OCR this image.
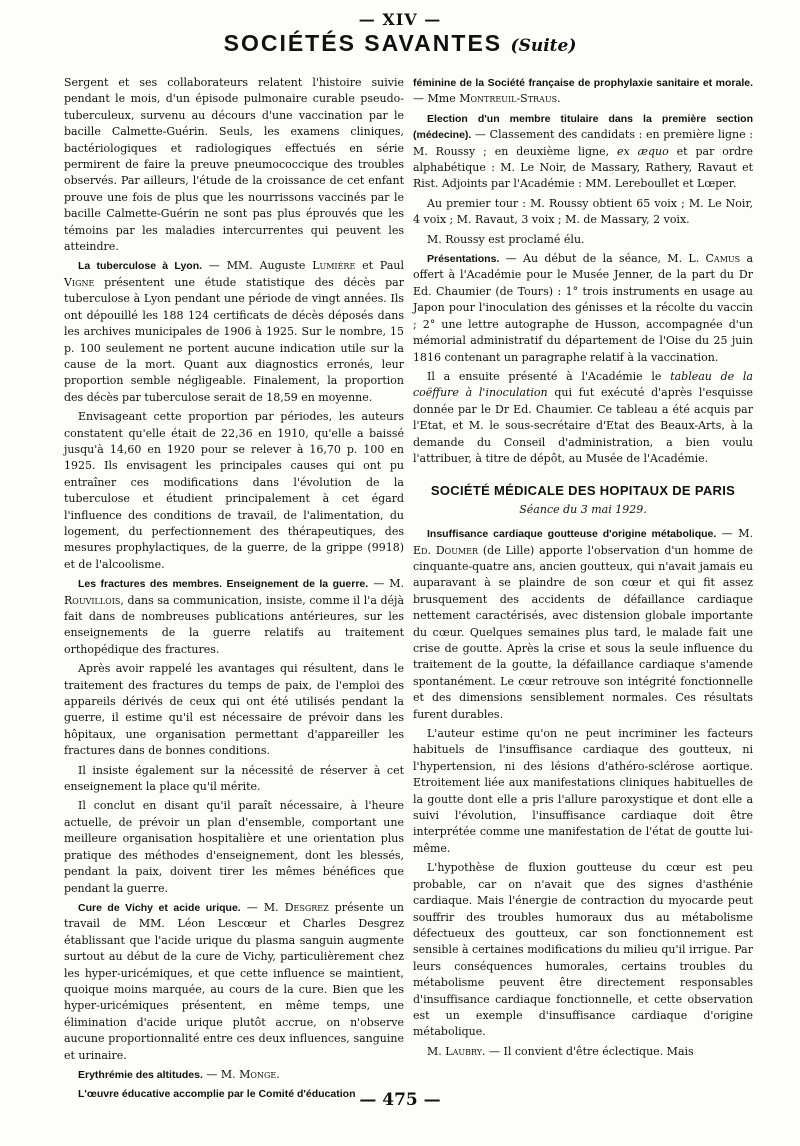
— XIV —
SOCIÉTÉS SAVANTES (Suite)

Sergent et ses collaborateurs relatent l'histoire suivie pendant le mois, d'un épisode pulmonaire curable pseudo-tuberculeux, survenu au décours d'une vaccination par le bacille Calmette-Guérin. Seuls, les examens cliniques, bactériologiques et radiologiques effectués en série permirent de faire la preuve pneumococcique des troubles observés. Par ailleurs, l'étude de la croissance de cet enfant prouve une fois de plus que les nourrissons vaccinés par le bacille Calmette-Guérin ne sont pas plus éprouvés que les témoins par les maladies intercurrentes qui peuvent les atteindre.

La tuberculose à Lyon. — MM. Auguste Lumière et Paul Vigne présentent une étude statistique des décès par tuberculose à Lyon pendant une période de vingt années. Ils ont dépouillé les 188 124 certificats de décès déposés dans les archives municipales de 1906 à 1925. Sur le nombre, 15 p. 100 seulement ne portent aucune indication utile sur la cause de la mort. Quant aux diagnostics erronés, leur proportion semble négligeable. Finalement, la proportion des décès par tuberculose serait de 18,59 en moyenne.

Envisageant cette proportion par périodes, les auteurs constatent qu'elle était de 22,36 en 1910, qu'elle a baissé jusqu'à 14,60 en 1920 pour se relever à 16,70 p. 100 en 1925. Ils envisagent les principales causes qui ont pu entraîner ces modifications dans l'évolution de la tuberculose et étudient principalement à cet égard l'influence des conditions de travail, de l'alimentation, du logement, du perfectionnement des thérapeutiques, des mesures prophylactiques, de la guerre, de la grippe (9918) et de l'alcoolisme.

Les fractures des membres. Enseignement de la guerre. — M. Rouvillois, dans sa communication, insiste, comme il l'a déjà fait dans de nombreuses publications antérieures, sur les enseignements de la guerre relatifs au traitement orthopédique des fractures.

Après avoir rappelé les avantages qui résultent, dans le traitement des fractures du temps de paix, de l'emploi des appareils dérivés de ceux qui ont été utilisés pendant la guerre, il estime qu'il est nécessaire de prévoir dans les hôpitaux, une organisation permettant d'appareiller les fractures dans de bonnes conditions.

Il insiste également sur la nécessité de réserver à cet enseignement la place qu'il mérite.

Il conclut en disant qu'il paraît nécessaire, à l'heure actuelle, de prévoir un plan d'ensemble, comportant une meilleure organisation hospitalière et une orientation plus pratique des méthodes d'enseignement, dont les blessés, pendant la paix, doivent tirer les mêmes bénéfices que pendant la guerre.

Cure de Vichy et acide urique. — M. Desgrez présente un travail de MM. Léon Lescœur et Charles Desgrez établissant que l'acide urique du plasma sanguin augmente surtout au début de la cure de Vichy, particulièrement chez les hyper-uricémiques, et que cette influence se maintient, quoique moins marquée, au cours de la cure. Bien que les hyper-uricémiques présentent, en même temps, une élimination d'acide urique plutôt accrue, on n'observe aucune proportionnalité entre ces deux influences, sanguine et urinaire.

Erythrémie des altitudes. — M. Monge.

L'œuvre éducative accomplie par le Comité d'éducation

féminine de la Société française de prophylaxie sanitaire et morale. — Mme Montreuil-Straus.

Election d'un membre titulaire dans la première section (médecine). — Classement des candidats : en première ligne : M. Roussy ; en deuxième ligne, ex æquo et par ordre alphabétique : M. Le Noir, de Massary, Rathery, Ravaut et Rist. Adjoints par l'Académie : MM. Lereboullet et Lœper.

Au premier tour : M. Roussy obtient 65 voix ; M. Le Noir, 4 voix ; M. Ravaut, 3 voix ; M. de Massary, 2 voix.

M. Roussy est proclamé élu.

Présentations. — Au début de la séance, M. L. Camus a offert à l'Académie pour le Musée Jenner, de la part du Dr Ed. Chaumier (de Tours) : 1° trois instruments en usage au Japon pour l'inoculation des génisses et la récolte du vaccin ; 2° une lettre autographe de Husson, accompagnée d'un mémorial administratif du département de l'Oise du 25 juin 1816 contenant un paragraphe relatif à la vaccination.

Il a ensuite présenté à l'Académie le tableau de la coëffure à l'inoculation qui fut exécuté d'après l'esquisse donnée par le Dr Ed. Chaumier. Ce tableau a été acquis par l'Etat, et M. le sous-secrétaire d'Etat des Beaux-Arts, à la demande du Conseil d'administration, a bien voulu l'attribuer, à titre de dépôt, au Musée de l'Académie.

SOCIÉTÉ MÉDICALE DES HOPITAUX DE PARIS
Séance du 3 mai 1929.

Insuffisance cardiaque goutteuse d'origine métabolique. — M. Ed. Doumer (de Lille) apporte l'observation d'un homme de cinquante-quatre ans, ancien goutteux, qui n'avait jamais eu auparavant à se plaindre de son cœur et qui fit assez brusquement des accidents de défaillance cardiaque nettement caractérisés, avec distension globale importante du cœur. Quelques semaines plus tard, le malade fait une crise de goutte. Après la crise et sous la seule influence du traitement de la goutte, la défaillance cardiaque s'amende spontanément. Le cœur retrouve son intégrité fonctionnelle et des dimensions sensiblement normales. Ces résultats furent durables.

L'auteur estime qu'on ne peut incriminer les facteurs habituels de l'insuffisance cardiaque des goutteux, ni l'hypertension, ni des lésions d'athéro-sclérose aortique. Etroitement liée aux manifestations cliniques habituelles de la goutte dont elle a pris l'allure paroxystique et dont elle a suivi l'évolution, l'insuffisance cardiaque doit être interprétée comme une manifestation de l'état de goutte lui-même.

L'hypothèse de fluxion goutteuse du cœur est peu probable, car on n'avait que des signes d'asthénie cardiaque. Mais l'énergie de contraction du myocarde peut souffrir des troubles humoraux dus au métabolisme défectueux des goutteux, car son fonctionnement est sensible à certaines modifications du milieu qu'il irrigue. Par leurs conséquences humorales, certains troubles du métabolisme peuvent être directement responsables d'insuffisance cardiaque fonctionnelle, et cette observation est un exemple d'insuffisance cardiaque d'origine métabolique.

M. Laubry. — Il convient d'être éclectique. Mais

— 475 —
